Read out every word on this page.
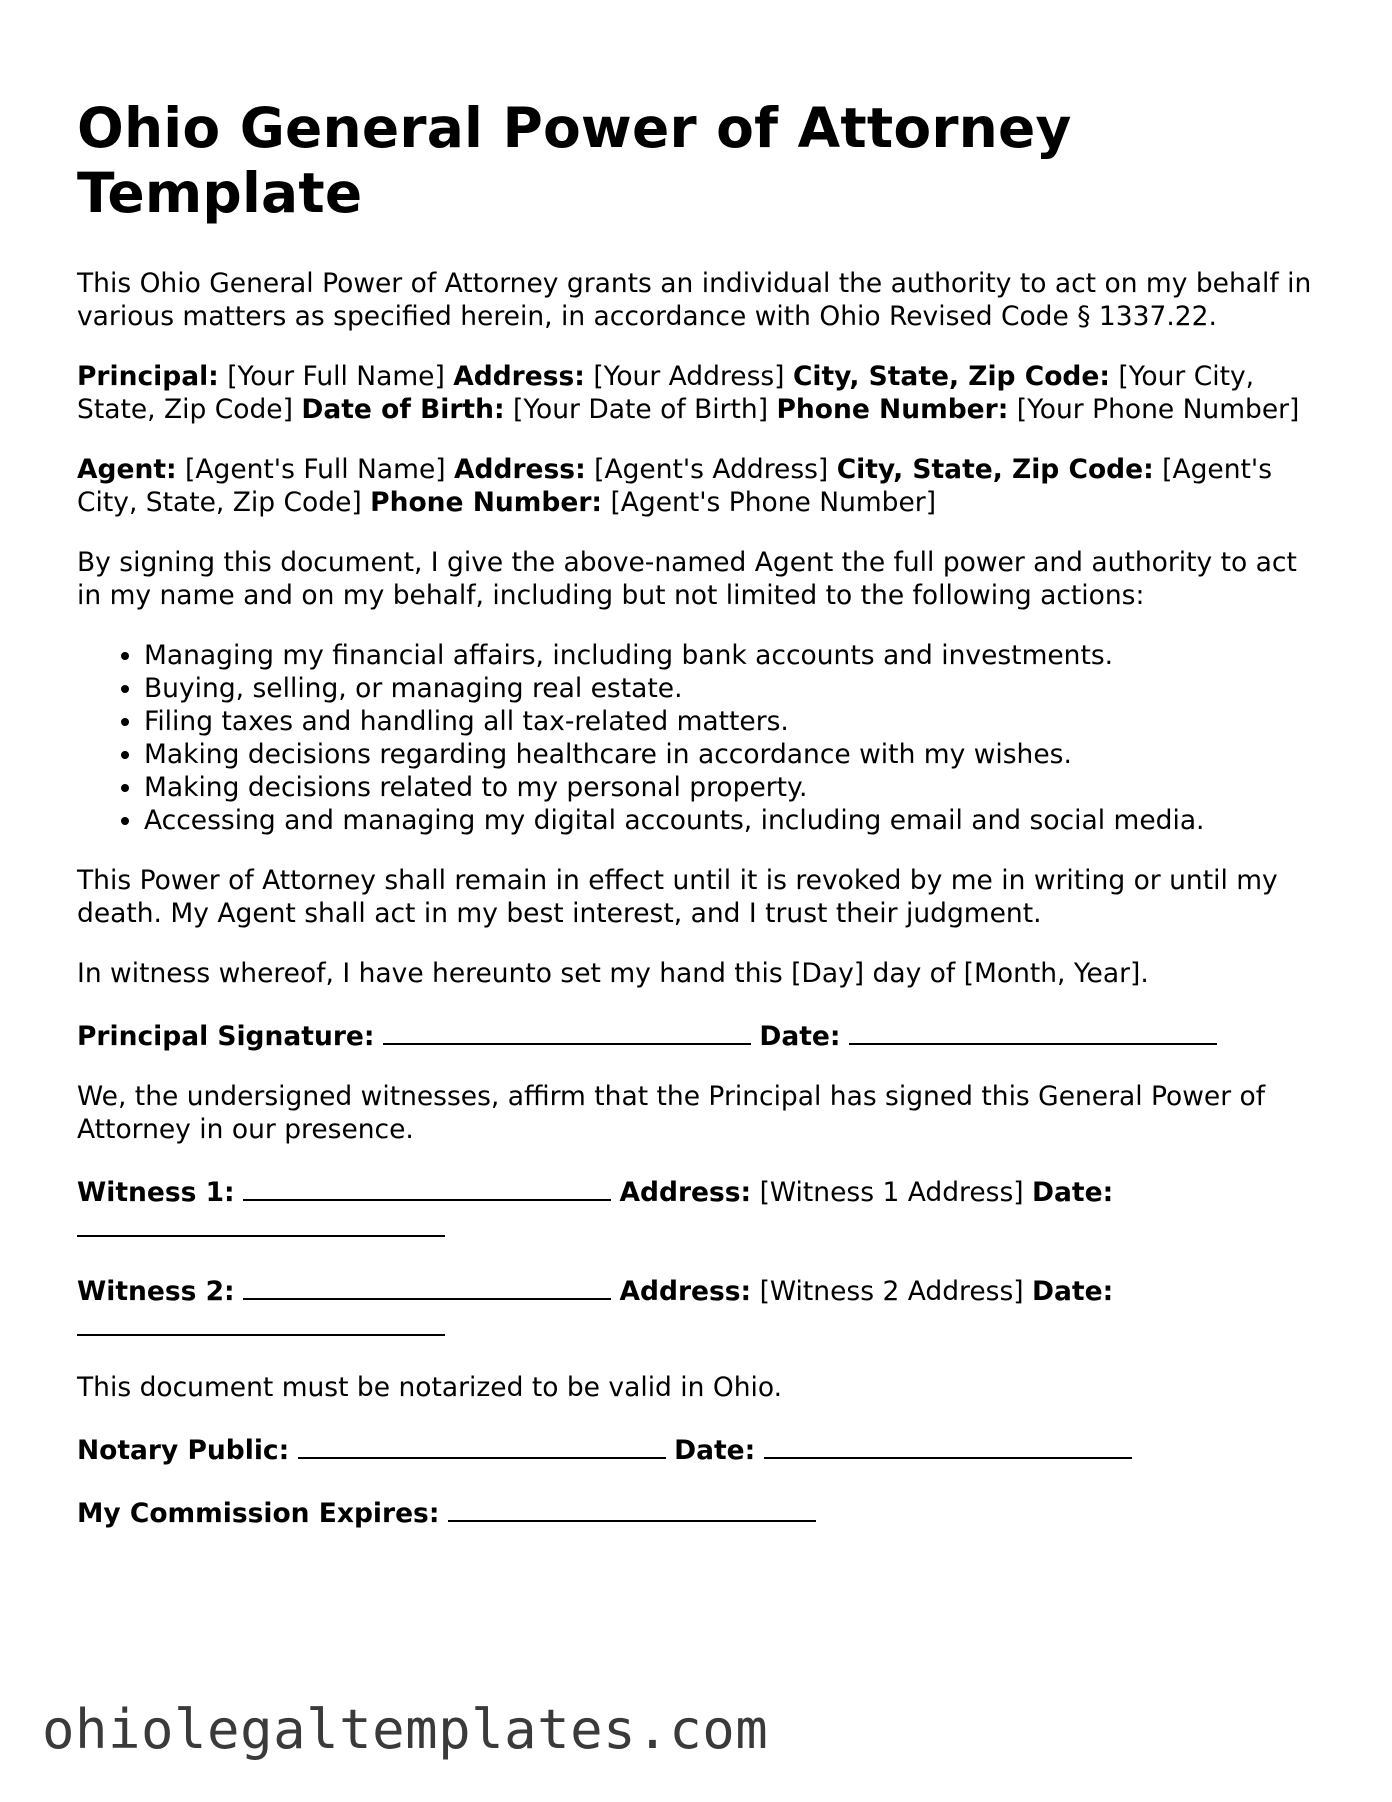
Ohio General Power of Attorney Template

This Ohio General Power of Attorney grants an individual the authority to act on my behalf in various matters as specified herein, in accordance with Ohio Revised Code § 1337.22.

Principal: [Your Full Name] Address: [Your Address] City, State, Zip Code: [Your City, State, Zip Code] Date of Birth: [Your Date of Birth] Phone Number: [Your Phone Number]

Agent: [Agent's Full Name] Address: [Agent's Address] City, State, Zip Code: [Agent's City, State, Zip Code] Phone Number: [Agent's Phone Number]

By signing this document, I give the above-named Agent the full power and authority to act in my name and on my behalf, including but not limited to the following actions:

• Managing my financial affairs, including bank accounts and investments.
• Buying, selling, or managing real estate.
• Filing taxes and handling all tax-related matters.
• Making decisions regarding healthcare in accordance with my wishes.
• Making decisions related to my personal property.
• Accessing and managing my digital accounts, including email and social media.

This Power of Attorney shall remain in effect until it is revoked by me in writing or until my death. My Agent shall act in my best interest, and I trust their judgment.

In witness whereof, I have hereunto set my hand this [Day] day of [Month, Year].

Principal Signature:	Date:

We, the undersigned witnesses, affirm that the Principal has signed this General Power of Attorney in our presence.

Witness 1:	Address: [Witness 1 Address] Date:

Witness 2:	Address: [Witness 2 Address] Date:

This document must be notarized to be valid in Ohio.

Notary Public:	Date:

My Commission Expires:

ohiolegaltemplates.com
